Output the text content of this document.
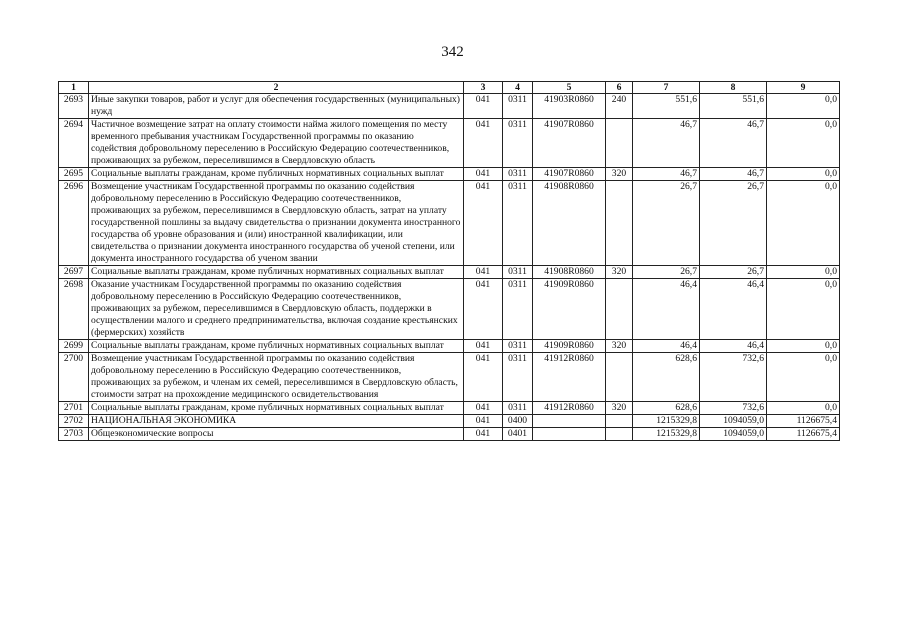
342
1	2	3	4	5	6	7	8	9
2693	Иные закупки товаров, работ и услуг для обеспечения государственных (муниципальных) нужд	041	0311	41903R0860	240	551,6	551,6	0,0
2694	Частичное возмещение затрат на оплату стоимости найма жилого помещения по месту временного пребывания участникам Государственной программы по оказанию содействия добровольному переселению в Российскую Федерацию соотечественников, проживающих за рубежом, переселившимся в Свердловскую область	041	0311	41907R0860		46,7	46,7	0,0
2695	Социальные выплаты гражданам, кроме публичных нормативных социальных выплат	041	0311	41907R0860	320	46,7	46,7	0,0
2696	Возмещение участникам Государственной программы по оказанию содействия добровольному переселению в Российскую Федерацию соотечественников, проживающих за рубежом, переселившимся в Свердловскую область, затрат на уплату государственной пошлины за выдачу свидетельства о признании документа иностранного государства об уровне образования и (или) иностранной квалификации, или свидетельства о признании документа иностранного государства об ученой степени, или документа иностранного государства об ученом звании	041	0311	41908R0860		26,7	26,7	0,0
2697	Социальные выплаты гражданам, кроме публичных нормативных социальных выплат	041	0311	41908R0860	320	26,7	26,7	0,0
2698	Оказание участникам Государственной программы по оказанию содействия добровольному переселению в Российскую Федерацию соотечественников, проживающих за рубежом, переселившимся в Свердловскую область, поддержки в осуществлении малого и среднего предпринимательства, включая создание крестьянских (фермерских) хозяйств	041	0311	41909R0860		46,4	46,4	0,0
2699	Социальные выплаты гражданам, кроме публичных нормативных социальных выплат	041	0311	41909R0860	320	46,4	46,4	0,0
2700	Возмещение участникам Государственной программы по оказанию содействия добровольному переселению в Российскую Федерацию соотечественников, проживающих за рубежом, и членам их семей, переселившимся в Свердловскую область, стоимости затрат на прохождение медицинского освидетельствования	041	0311	41912R0860		628,6	732,6	0,0
2701	Социальные выплаты гражданам, кроме публичных нормативных социальных выплат	041	0311	41912R0860	320	628,6	732,6	0,0
2702	НАЦИОНАЛЬНАЯ ЭКОНОМИКА	041	0400			1215329,8	1094059,0	1126675,4
2703	Общеэкономические вопросы	041	0401			1215329,8	1094059,0	1126675,4
